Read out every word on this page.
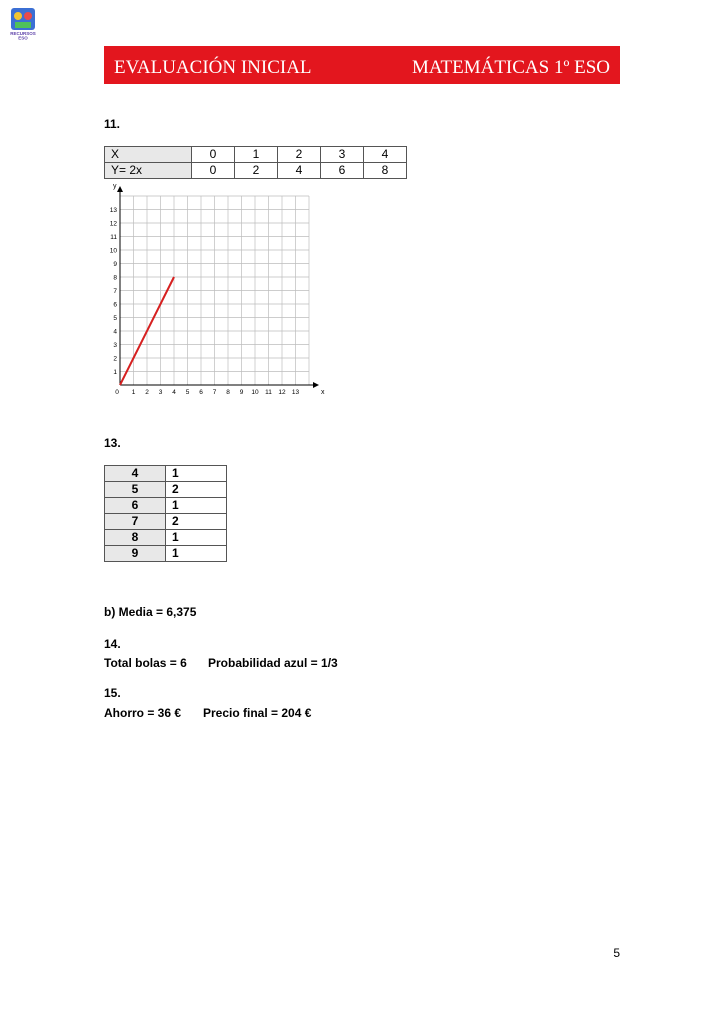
RECURSOS
ESO
EVALUACIÓN INICIAL	MATEMÁTICAS 1º ESO
11.
X	0	1	2	3	4
Y= 2x	0	2	4	6	8
x
y
0 1 2 3 4 5 6 7 8 9 10 11 12 13
1
2
3
4
5
6
7
8
9
10
11
12
13
13.
4	1
5	2
6	1
7	2
8	1
9	1
b) Media = 6,375
14.
Total bolas = 6 Probabilidad azul = 1/3
15.
Ahorro = 36 € Precio final = 204 €
5
